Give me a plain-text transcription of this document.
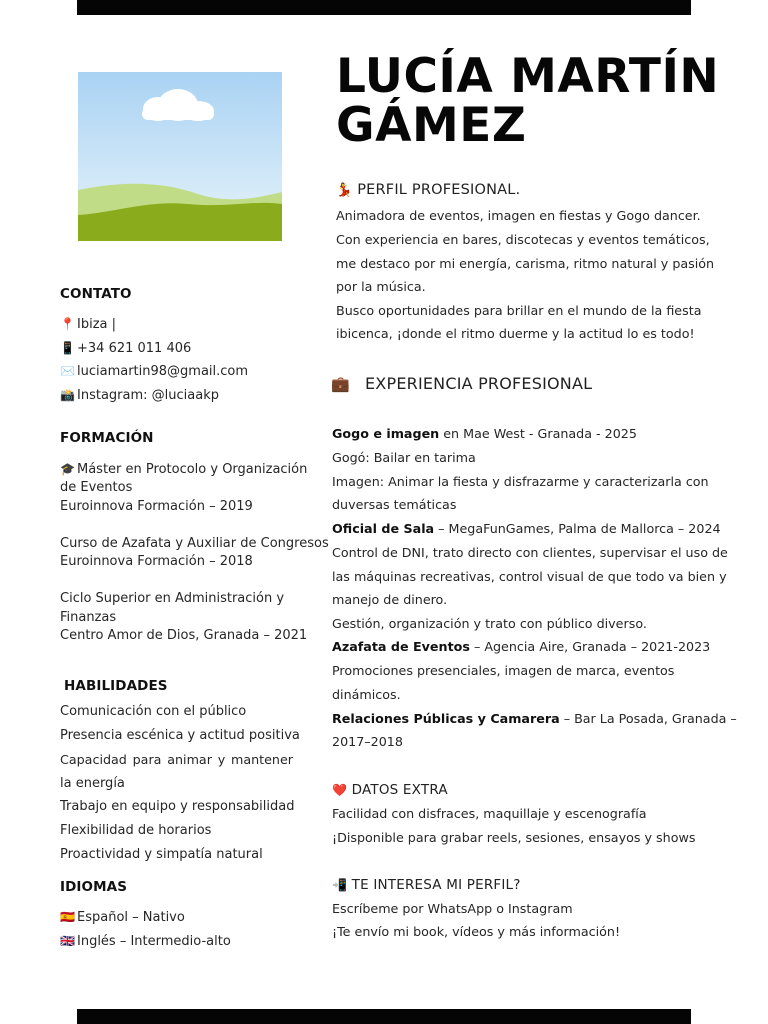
LUCÍA MARTÍN
GÁMEZ
CONTATO
📍 Ibiza |
📱 +34 621 011 406
✉️ luciamartin98@gmail.com
📸 Instagram: @luciaakp
FORMACIÓN
🎓 Máster en Protocolo y Organización
de Eventos
Euroinnova Formación – 2019
Curso de Azafata y Auxiliar de Congresos
Euroinnova Formación – 2018
Ciclo Superior en Administración y
Finanzas
Centro Amor de Dios, Granada – 2021
HABILIDADES
Comunicación con el público
Presencia escénica y actitud positiva
Capacidad para animar y mantener
la energía
Trabajo en equipo y responsabilidad
Flexibilidad de horarios
Proactividad y simpatía natural
IDIOMAS
🇪🇸 Español – Nativo
🇬🇧 Inglés – Intermedio-alto
💃 PERFIL PROFESIONAL.
Animadora de eventos, imagen en fiestas y Gogo dancer.
Con experiencia en bares, discotecas y eventos temáticos,
me destaco por mi energía, carisma, ritmo natural y pasión
por la música.
Busco oportunidades para brillar en el mundo de la fiesta
ibicenca, ¡donde el ritmo duerme y la actitud lo es todo!
💼 EXPERIENCIA PROFESIONAL
Gogo e imagen en Mae West - Granada - 2025
Gogó: Bailar en tarima
Imagen: Animar la fiesta y disfrazarme y caracterizarla con
duversas temáticas
Oficial de Sala – MegaFunGames, Palma de Mallorca – 2024
Control de DNI, trato directo con clientes, supervisar el uso de
las máquinas recreativas, control visual de que todo va bien y
manejo de dinero.
Gestión, organización y trato con público diverso.
Azafata de Eventos – Agencia Aire, Granada – 2021-2023
Promociones presenciales, imagen de marca, eventos
dinámicos.
Relaciones Públicas y Camarera – Bar La Posada, Granada –
2017–2018
❤️ DATOS EXTRA
Facilidad con disfraces, maquillaje y escenografía
¡Disponible para grabar reels, sesiones, ensayos y shows
📲 TE INTERESA MI PERFIL?
Escríbeme por WhatsApp o Instagram
¡Te envío mi book, vídeos y más información!
